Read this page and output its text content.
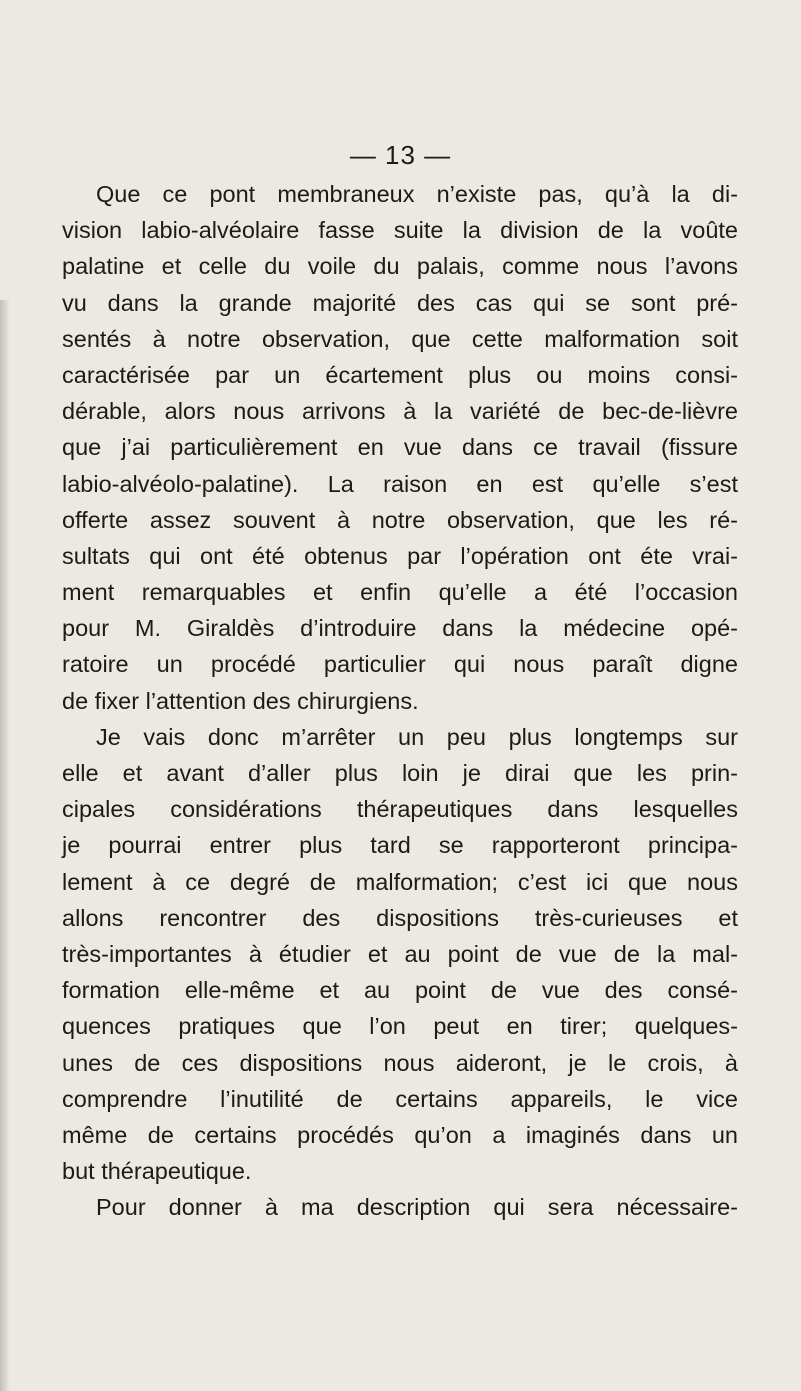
— 13 —
Que ce pont membraneux n’existe pas, qu’à la di-
vision labio-alvéolaire fasse suite la division de la voûte
palatine et celle du voile du palais, comme nous l’avons
vu dans la grande majorité des cas qui se sont pré-
sentés à notre observation, que cette malformation soit
caractérisée par un écartement plus ou moins consi-
dérable, alors nous arrivons à la variété de bec-de-lièvre
que j’ai particulièrement en vue dans ce travail (fissure
labio-alvéolo-palatine). La raison en est qu’elle s’est
offerte assez souvent à notre observation, que les ré-
sultats qui ont été obtenus par l’opération ont éte vrai-
ment remarquables et enfin qu’elle a été l’occasion
pour M. Giraldès d’introduire dans la médecine opé-
ratoire un procédé particulier qui nous paraît digne
de fixer l’attention des chirurgiens.
Je vais donc m’arrêter un peu plus longtemps sur
elle et avant d’aller plus loin je dirai que les prin-
cipales considérations thérapeutiques dans lesquelles
je pourrai entrer plus tard se rapporteront principa-
lement à ce degré de malformation; c’est ici que nous
allons rencontrer des dispositions très-curieuses et
très-importantes à étudier et au point de vue de la mal-
formation elle-même et au point de vue des consé-
quences pratiques que l’on peut en tirer; quelques-
unes de ces dispositions nous aideront, je le crois, à
comprendre l’inutilité de certains appareils, le vice
même de certains procédés qu’on a imaginés dans un
but thérapeutique.
Pour donner à ma description qui sera nécessaire-
